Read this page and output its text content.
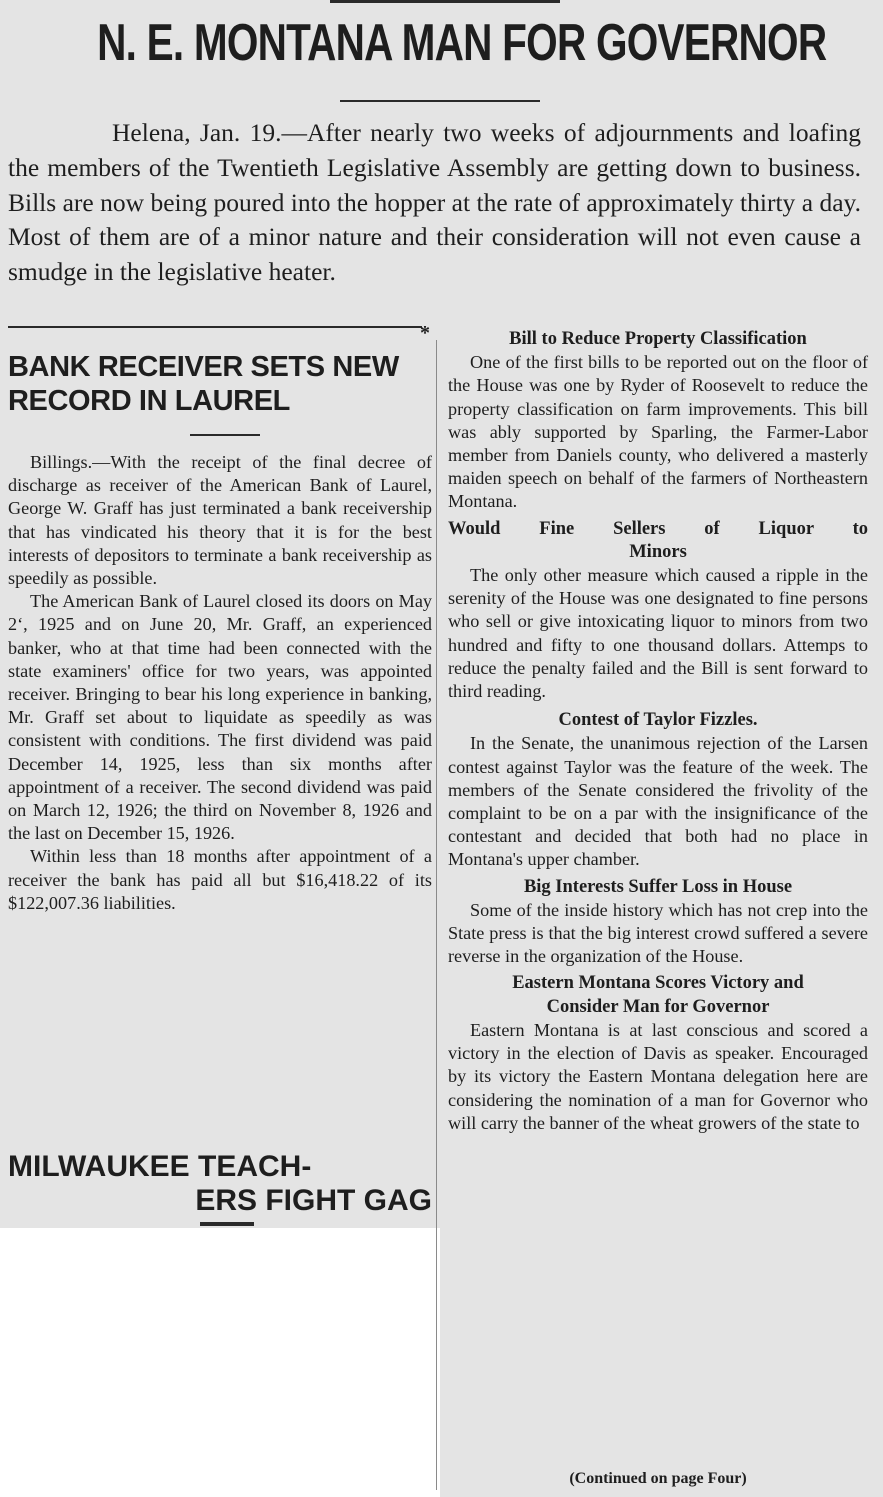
N. E. MONTANA MAN FOR GOVERNOR

Helena, Jan. 19.—After nearly two weeks of adjournments and loafing the members of the Twentieth Legislative Assembly are getting down to business. Bills are now being poured into the hopper at the rate of approximately thirty a day. Most of them are of a minor nature and their consideration will not even cause a smudge in the legislative heater.

*
BANK RECEIVER SETS NEW RECORD IN LAUREL

Billings.—With the receipt of the final decree of discharge as receiver of the American Bank of Laurel, George W. Graff has just terminated a bank receivership that has vindicated his theory that it is for the best interests of depositors to terminate a bank receivership as speedily as possible.

The American Bank of Laurel closed its doors on May 2‘, 1925 and on June 20, Mr. Graff, an experienced banker, who at that time had been connected with the state examiners' office for two years, was appointed receiver. Bringing to bear his long experience in banking, Mr. Graff set about to liquidate as speedily as was consistent with conditions. The first dividend was paid December 14, 1925, less than six months after appointment of a receiver. The second dividend was paid on March 12, 1926; the third on November 8, 1926 and the last on December 15, 1926.

Within less than 18 months after appointment of a receiver the bank has paid all but $16,418.22 of its $122,007.36 liabilities.

MILWAUKEE TEACH-
ERS FIGHT GAG
Bill to Reduce Property Classification

One of the first bills to be reported out on the floor of the House was one by Ryder of Roosevelt to reduce the property classification on farm improvements. This bill was ably supported by Sparling, the Farmer-Labor member from Daniels county, who delivered a masterly maiden speech on behalf of the farmers of Northeastern Montana.

Would Fine Sellers of Liquor to
Minors

The only other measure which caused a ripple in the serenity of the House was one designated to fine persons who sell or give intoxicating liquor to minors from two hundred and fifty to one thousand dollars. Attemps to reduce the penalty failed and the Bill is sent forward to third reading.

Contest of Taylor Fizzles.

In the Senate, the unanimous rejection of the Larsen contest against Taylor was the feature of the week. The members of the Senate considered the frivolity of the complaint to be on a par with the insignificance of the contestant and decided that both had no place in Montana's upper chamber.

Big Interests Suffer Loss in House

Some of the inside history which has not crep into the State press is that the big interest crowd suffered a severe reverse in the organization of the House.

Eastern Montana Scores Victory and
Consider Man for Governor

Eastern Montana is at last conscious and scored a victory in the election of Davis as speaker. Encouraged by its victory the Eastern Montana delegation here are considering the nomination of a man for Governor who will carry the banner of the wheat growers of the state to

(Continued on page Four)
